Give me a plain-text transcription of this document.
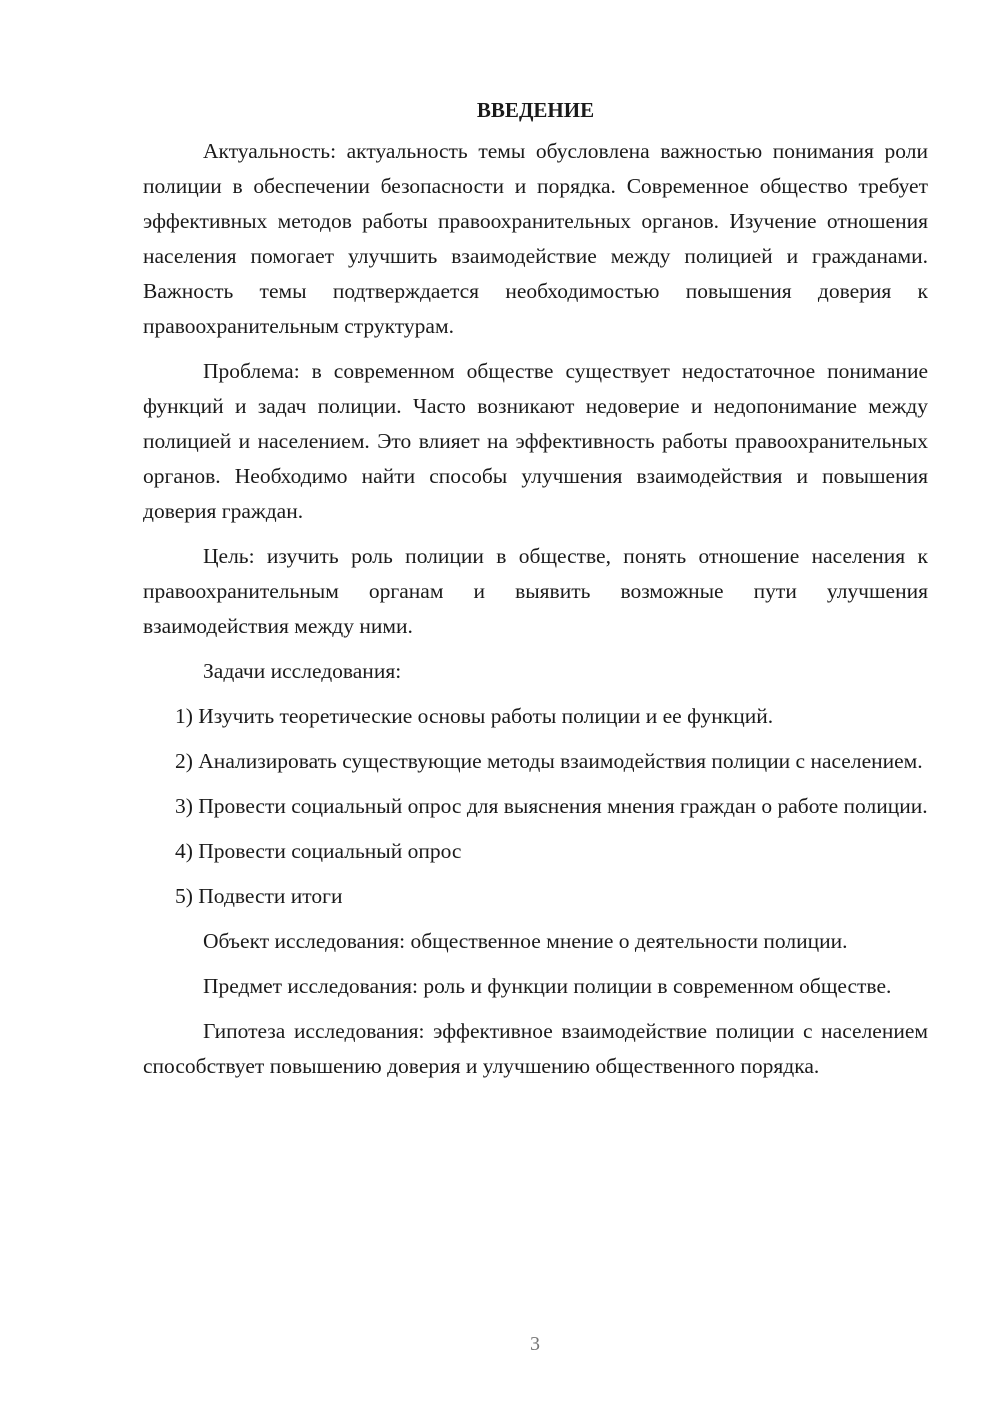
ВВЕДЕНИЕ

Актуальность: актуальность темы обусловлена важностью понимания роли полиции в обеспечении безопасности и порядка. Современное общество требует эффективных методов работы правоохранительных органов. Изучение отношения населения помогает улучшить взаимодействие между полицией и гражданами. Важность темы подтверждается необходимостью повышения доверия к правоохранительным структурам.

Проблема: в современном обществе существует недостаточное понимание функций и задач полиции. Часто возникают недоверие и недопонимание между полицией и населением. Это влияет на эффективность работы правоохранительных органов. Необходимо найти способы улучшения взаимодействия и повышения доверия граждан.

Цель: изучить роль полиции в обществе, понять отношение населения к правоохранительным органам и выявить возможные пути улучшения взаимодействия между ними.

Задачи исследования:

1) Изучить теоретические основы работы полиции и ее функций.

2) Анализировать существующие методы взаимодействия полиции с населением.

3) Провести социальный опрос для выяснения мнения граждан о работе полиции.

4) Провести социальный опрос

5) Подвести итоги

Объект исследования: общественное мнение о деятельности полиции.

Предмет исследования: роль и функции полиции в современном обществе.

Гипотеза исследования: эффективное взаимодействие полиции с населением способствует повышению доверия и улучшению общественного порядка.

3
